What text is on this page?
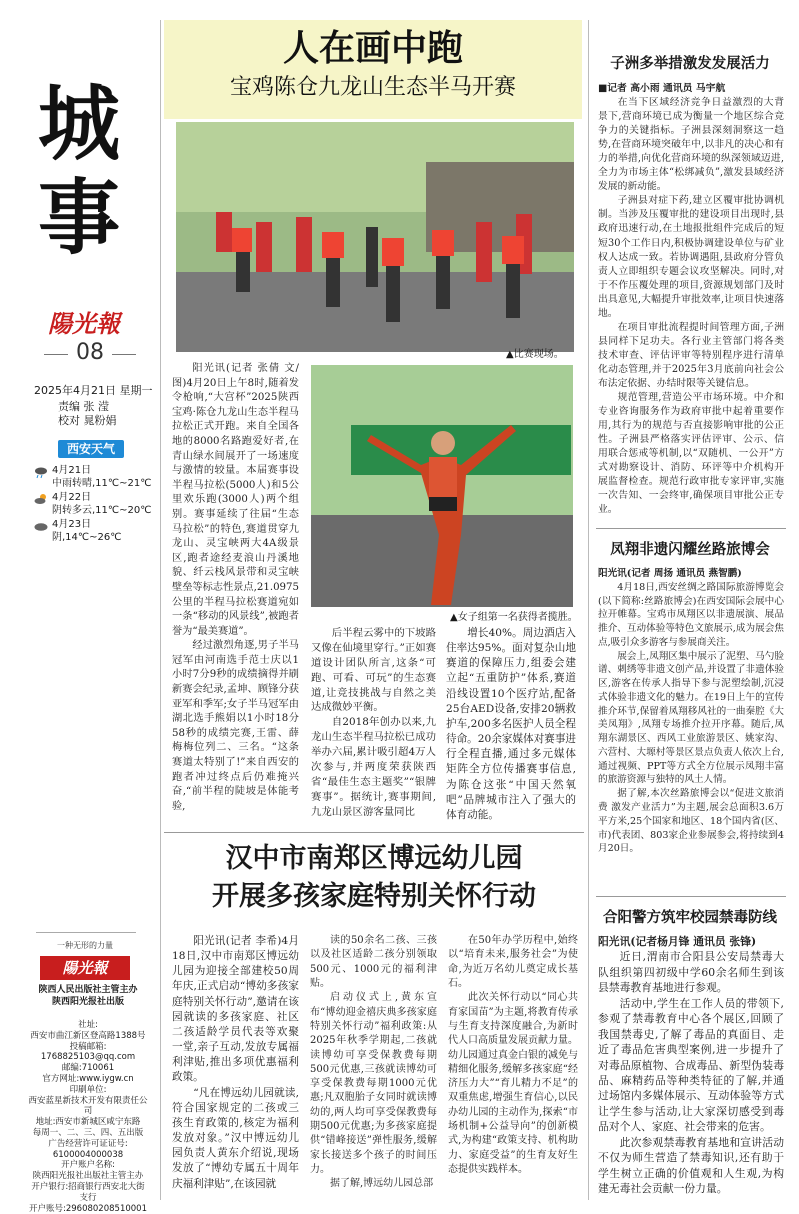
城事
陽光報
08
2025年4月21日 星期一
责编 张 滢
校对 晁粉娟
西安天气
4月21日
中雨转晴,11℃~21℃
4月22日
阴转多云,11℃~20℃
4月23日
阴,14℃~26℃
一种无形的力量
陽光報
陕西人民出版社主管主办
陕西阳光报社出版
社址:
西安市曲江新区登高路1388号
投稿邮箱:
1768825103@qq.com
邮编:710061
官方网址:www.iygw.cn
印刷单位:
西安蓝星新技术开发有限责任公司
地址:西安市新城区咸宁东路
每周一、二、三、四、五出版
广告经营许可证证号:
6100004000038
开户账户名称:
陕西阳光报社出版社主管主办
开户银行:招商银行西安北大街支行
开户账号:296080208510001
人在画中跑
宝鸡陈仓九龙山生态半马开赛
▲比赛现场。
▲女子组第一名获得者揽胜。

阳光讯(记者 张倩 文/图)4月20日上午8时,随着发令枪响,“大宫杯”2025陕西宝鸡·陈仓九龙山生态半程马拉松正式开跑。来自全国各地的8000名路跑爱好者,在青山绿水间展开了一场速度与激情的较量。本届赛事设半程马拉松(5000人)和5公里欢乐跑(3000人)两个组别。赛事延续了往届“生态马拉松”的特色,赛道贯穿九龙山、灵宝峡两大4A级景区,跑者途经麦浪山丹溪地貌、纤云栈风景带和灵宝峡壁垒等标志性景点,21.0975公里的半程马拉松赛道宛如一条“移动的风景线”,被跑者誉为“最美赛道”。

经过激烈角逐,男子半马冠军由河南选手范士庆以1小时7分9秒的成绩摘得并刷新赛会纪录,孟坤、顾锋分获亚军和季军;女子半马冠军由湖北选手熊娟以1小时18分58秒的成绩完赛,王雷、薛梅梅位列二、三名。“这条赛道太特别了!”来自西安的跑者冲过终点后仍难掩兴奋,“前半程的陡坡是体能考验,

后半程云雾中的下坡路又像在仙境里穿行。”正如赛道设计团队所言,这条“可跑、可看、可玩”的生态赛道,让竞技挑战与自然之美达成微妙平衡。

自2018年创办以来,九龙山生态半程马拉松已成功举办六届,累计吸引超4万人次参与,并两度荣获陕西省“最佳生态主题奖”“银牌赛事”。据统计,赛事期间,九龙山景区游客量同比

增长40%。周边酒店入住率达95%。面对复杂山地赛道的保障压力,组委会建立起“五重防护”体系,赛道沿线设置10个医疗站,配备25台AED设备,安排20辆救护车,200多名医护人员全程待命。20余家媒体对赛事进行全程直播,通过多元媒体矩阵全方位传播赛事信息,为陈仓这张“中国天然氧吧”品牌城市注入了强大的体育动能。

汉中市南郑区博远幼儿园
开展多孩家庭特别关怀行动

阳光讯(记者 李希)4月18日,汉中市南郑区博远幼儿园为迎接全部建校50周年庆,正式启动“博幼多孩家庭特别关怀行动”,邀请在该园就读的多孩家庭、社区二孩适龄学员代表等欢聚一堂,亲子互动,发放专属福利津贴,推出多项优惠福利政策。

“凡在博远幼儿园就读,符合国家规定的二孩或三孩生育政策的,核定为福利发放对象。”汉中博远幼儿园负责人黄东介绍说,现场发放了“博幼专属五十周年庆福利津贴”,在该园就

读的50余名二孩、三孩以及社区适龄二孩分别领取500元、1000元的福利津贴。

启动仪式上,黄东宣布“博幼迎金禧庆典多孩家庭特别关怀行动”福利政策:从2025年秋季学期起,二孩就读博幼可享受保教费每期500元优惠,三孩就读博幼可享受保教费每期1000元优惠;凡双胞胎子女同时就读博幼的,两人均可享受保教费每期500元优惠;为多孩家庭提供“错峰接送”弹性服务,缓解家长接送多个孩子的时间压力。

据了解,博远幼儿园总部

在50年办学历程中,始终以“培育未来,服务社会”为使命,为近万名幼儿奠定成长基石。

此次关怀行动以“同心共育家国苗”为主题,将教育传承与生育支持深度融合,为新时代人口高质量发展贡献力量。幼儿园通过真金白银的减免与精细化服务,缓解多孩家庭“经济压力大”“育儿精力不足”的双重焦虑,增强生育信心,以民办幼儿园的主动作为,探索“市场机制+公益导向”的创新模式,为构建“政策支持、机构助力、家庭受益”的生育友好生态提供实践样本。

子洲多举措激发发展活力

■记者 高小雨 通讯员 马宇航

在当下区域经济竞争日益激烈的大背景下,营商环境已成为衡量一个地区综合竞争力的关键指标。子洲县深刻洞察这一趋势,在营商环境突破年中,以非凡的决心和有力的举措,向优化营商环境的纵深领域迈进,全力为市场主体“松绑减负”,激发县域经济发展的新动能。

子洲县对症下药,建立区覆审批协调机制。当涉及压覆审批的建设项目出现时,县政府迅速行动,在土地报批组件完成后的短短30个工作日内,积极协调建设单位与矿业权人达成一致。若协调遇阻,县政府分管负责人立即组织专题会议攻坚解决。同时,对于不作压覆处理的项目,资源规划部门及时出具意见,大幅提升审批效率,让项目快速落地。

在项目审批流程提时间管理方面,子洲县同样下足功夫。各行业主管部门将各类技术审查、评估评审等特别程序进行清单化动态管理,并于2025年3月底前向社会公布法定依据、办结时限等关键信息。

规范管理,营造公平市场环境。中介和专业咨询服务作为政府审批中起着重要作用,其行为的规范与否直接影响审批的公正性。子洲县严格落实评估评审、公示、信用联合惩戒等机制,以“双随机、一公开”方式对勘察设计、消防、环评等中介机构开展监督检查。规范行政审批专家评审,实施一次告知、一会终审,确保项目审批公正专业。

凤翔非遗闪耀丝路旅博会

阳光讯(记者 周扬 通讯员 燕智鹏)

4月18日,西安丝绸之路国际旅游博览会(以下简称:丝路旅博会)在西安国际会展中心拉开帷幕。宝鸡市凤翔区以非遗展演、展品推介、互动体验等特色文旅展示,成为展会焦点,吸引众多游客与参展商关注。

展会上,凤翔区集中展示了泥塑、马勺脸谱、刺绣等非遗文创产品,并设置了非遗体验区,游客在传承人指导下参与泥塑绘制,沉浸式体验非遗文化的魅力。在19日上午的宣传推介环节,保留着凤翔移风社的一曲秦腔《大美凤翔》,凤翔专场推介拉开序幕。随后,凤翔东湖景区、西风工业旅游景区、姚家沟、六营村、大塬村等景区景点负责人依次上台,通过视频、PPT等方式全方位展示凤翔丰富的旅游资源与独特的风土人情。

据了解,本次丝路旅博会以“促进文旅消费 激发产业活力”为主题,展会总面积3.6万平方米,25个国家和地区、18个国内省(区、市)代表团、803家企业参展参会,将持续到4月20日。

合阳警方筑牢校园禁毒防线

阳光讯(记者杨月锋 通讯员 张锋)

近日,渭南市合阳县公安局禁毒大队组织第四初级中学60余名师生到该县禁毒教育基地进行参观。

活动中,学生在工作人员的带领下,参观了禁毒教育中心各个展区,回顾了我国禁毒史,了解了毒品的真面目、走近了毒品危害典型案例,进一步提升了对毒品原植物、合成毒品、新型伪装毒品、麻精药品等种类特征的了解,并通过场馆内多媒体展示、互动体验等方式让学生参与活动,让大家深切感受到毒品对个人、家庭、社会带来的危害。

此次参观禁毒教育基地和宣讲活动不仅为师生营造了禁毒知识,还有助于学生树立正确的价值观和人生观,为构建无毒社会贡献一份力量。
